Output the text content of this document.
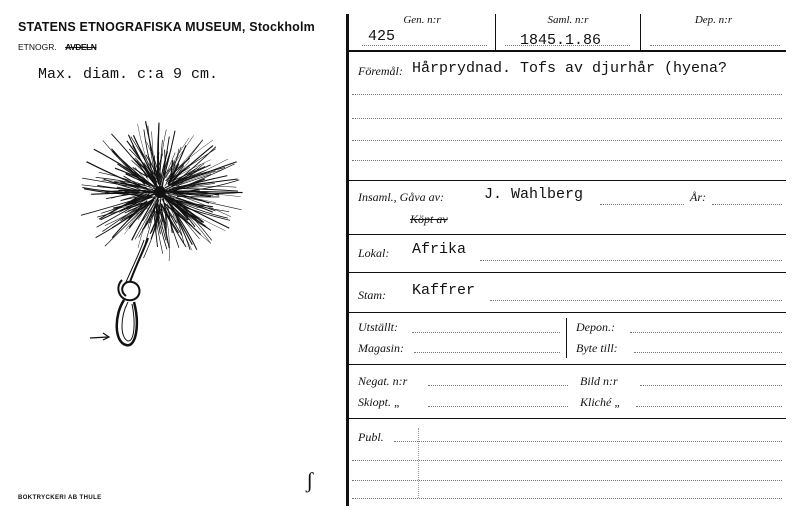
STATENS ETNOGRAFISKA MUSEUM, Stockholm
ETNOGR. AVDELN
Max. diam. c:a 9 cm.
ʃ
BOKTRYCKERI AB THULE
Gen. n:r	Saml. n:r	Dep. n:r
425	1845.1.86
Föremål: Hårprydnad. Tofs av djurhår (hyena?
Insaml., Gåva av:	J. Wahlberg	År:
Köpt av
Lokal: Afrika
Stam: Kaffrer
Utställt:	Depon.:
Magasin:	Byte till:
Negat. n:r	Bild n:r
Skiopt. „	Kliché „
Publ.
